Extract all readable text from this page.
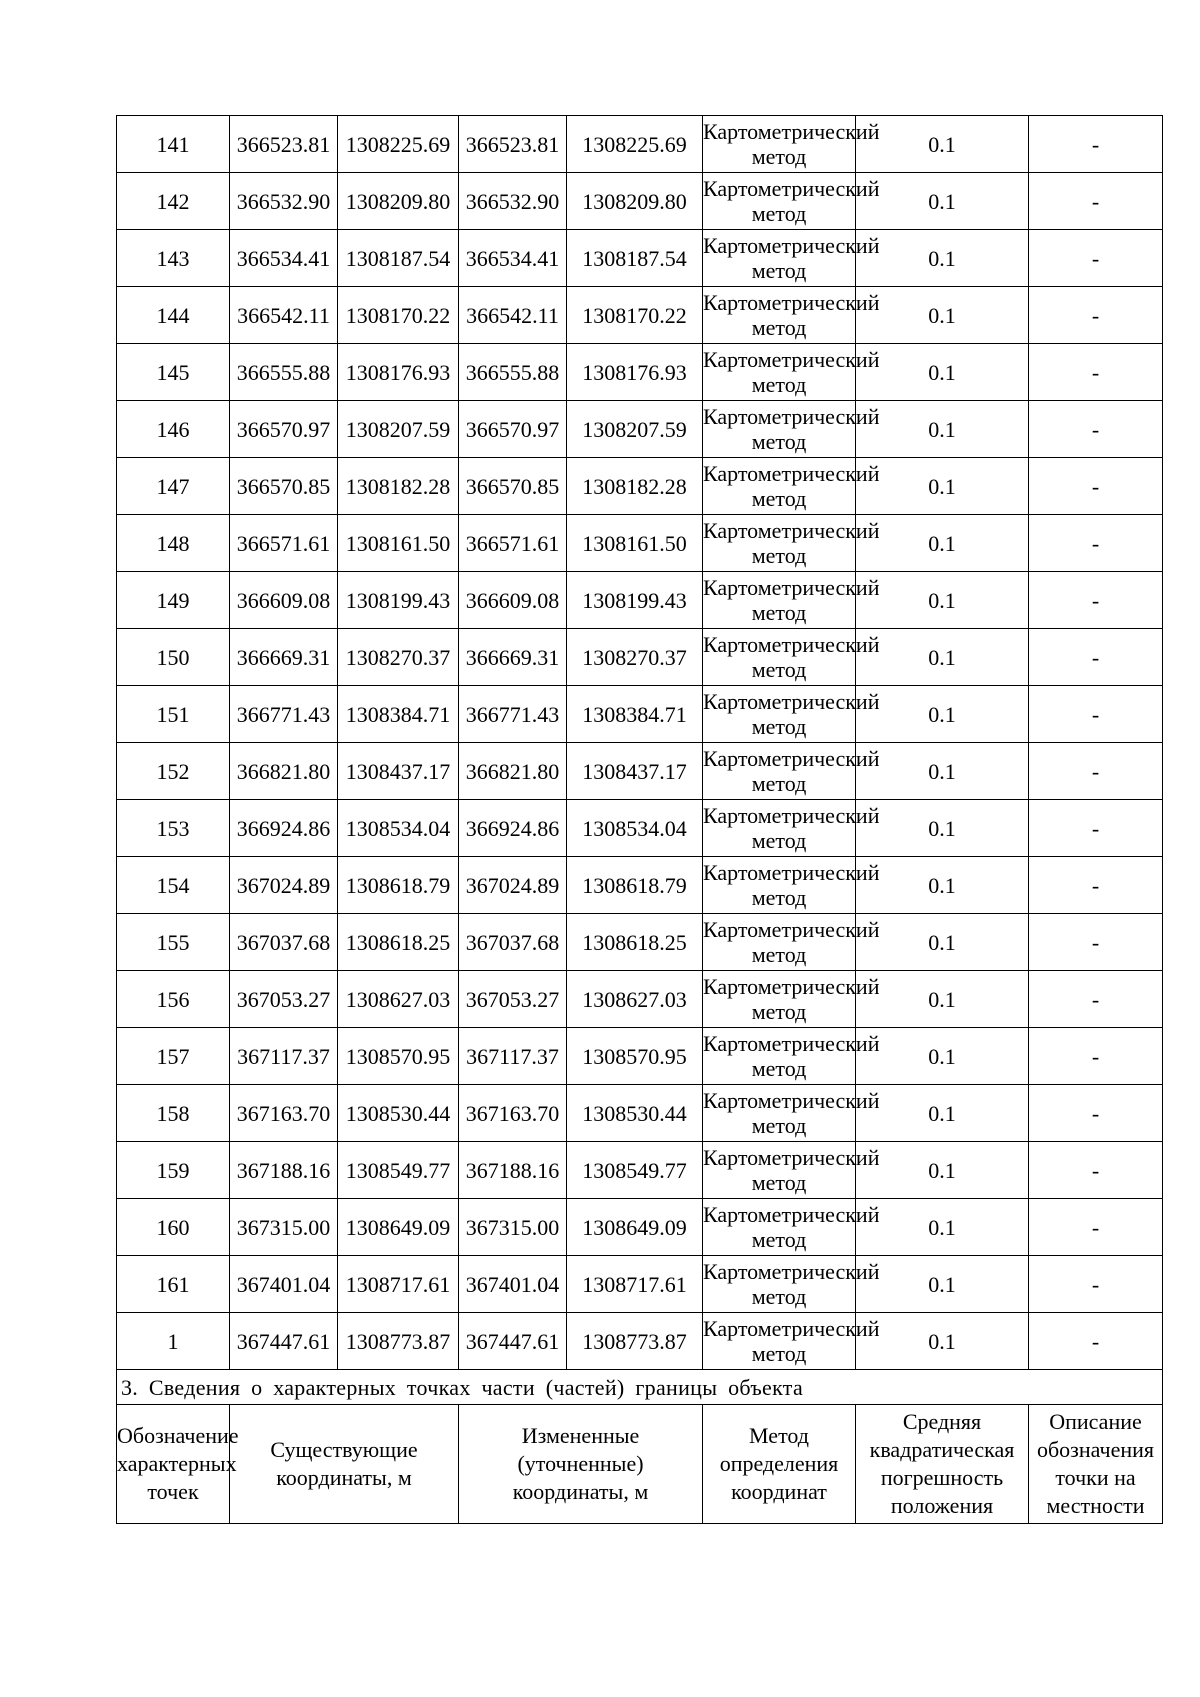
141	366523.81	1308225.69	366523.81	1308225.69	Картометрический метод	0.1	-
142	366532.90	1308209.80	366532.90	1308209.80	Картометрический метод	0.1	-
143	366534.41	1308187.54	366534.41	1308187.54	Картометрический метод	0.1	-
144	366542.11	1308170.22	366542.11	1308170.22	Картометрический метод	0.1	-
145	366555.88	1308176.93	366555.88	1308176.93	Картометрический метод	0.1	-
146	366570.97	1308207.59	366570.97	1308207.59	Картометрический метод	0.1	-
147	366570.85	1308182.28	366570.85	1308182.28	Картометрический метод	0.1	-
148	366571.61	1308161.50	366571.61	1308161.50	Картометрический метод	0.1	-
149	366609.08	1308199.43	366609.08	1308199.43	Картометрический метод	0.1	-
150	366669.31	1308270.37	366669.31	1308270.37	Картометрический метод	0.1	-
151	366771.43	1308384.71	366771.43	1308384.71	Картометрический метод	0.1	-
152	366821.80	1308437.17	366821.80	1308437.17	Картометрический метод	0.1	-
153	366924.86	1308534.04	366924.86	1308534.04	Картометрический метод	0.1	-
154	367024.89	1308618.79	367024.89	1308618.79	Картометрический метод	0.1	-
155	367037.68	1308618.25	367037.68	1308618.25	Картометрический метод	0.1	-
156	367053.27	1308627.03	367053.27	1308627.03	Картометрический метод	0.1	-
157	367117.37	1308570.95	367117.37	1308570.95	Картометрический метод	0.1	-
158	367163.70	1308530.44	367163.70	1308530.44	Картометрический метод	0.1	-
159	367188.16	1308549.77	367188.16	1308549.77	Картометрический метод	0.1	-
160	367315.00	1308649.09	367315.00	1308649.09	Картометрический метод	0.1	-
161	367401.04	1308717.61	367401.04	1308717.61	Картометрический метод	0.1	-
1	367447.61	1308773.87	367447.61	1308773.87	Картометрический метод	0.1	-
3. Сведения о характерных точках части (частей) границы объекта							
Обозначение характерных точек	Существующие координаты, м		Измененные (уточненные) координаты, м		Метод определения координат	Средняя квадратическая погрешность положения	Описание обозначения точки на местности
